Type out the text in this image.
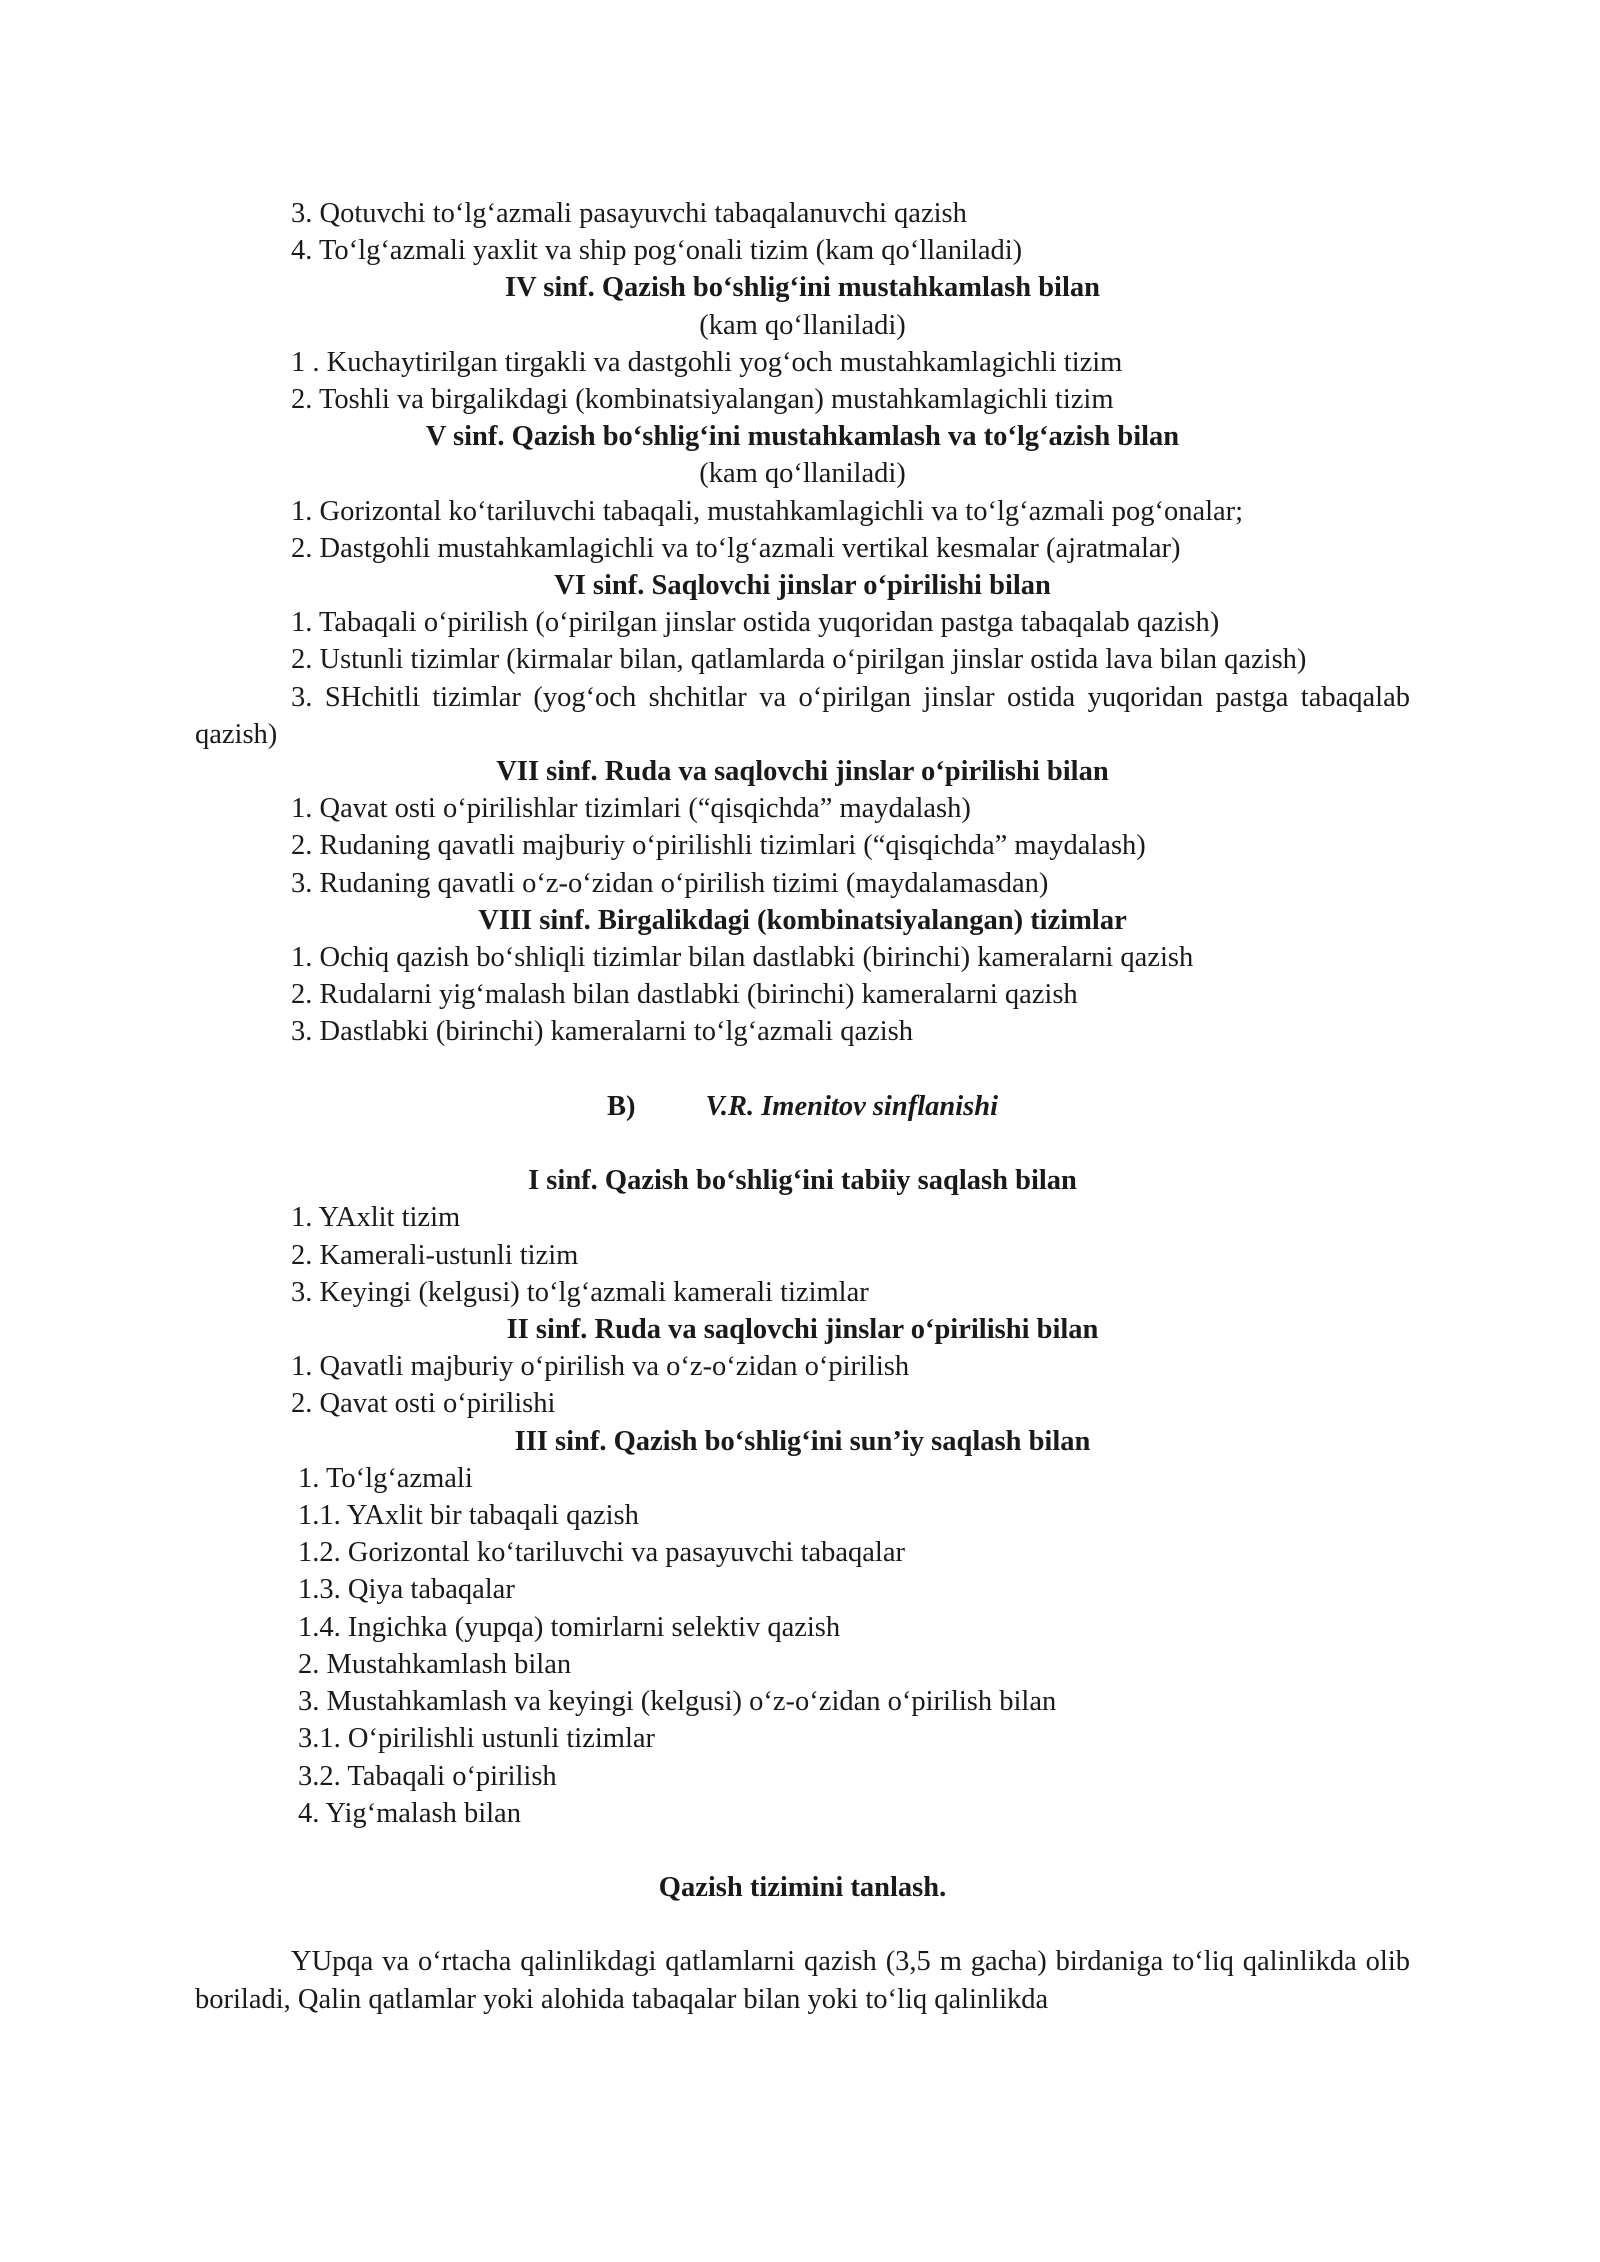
3. Qotuvchi to‘lg‘azmali pasayuvchi tabaqalanuvchi qazish
4. To‘lg‘azmali yaxlit va ship pog‘onali tizim (kam qo‘llaniladi)
IV sinf. Qazish bo‘shlig‘ini mustahkamlash bilan
(kam qo‘llaniladi)
1 . Kuchaytirilgan tirgakli va dastgohli yog‘och mustahkamlagichli tizim
2. Toshli va birgalikdagi (kombinatsiyalangan) mustahkamlagichli tizim
V sinf. Qazish bo‘shlig‘ini mustahkamlash va to‘lg‘azish bilan
(kam qo‘llaniladi)
1. Gorizontal ko‘tariluvchi tabaqali, mustahkamlagichli va to‘lg‘azmali pog‘onalar;
2. Dastgohli mustahkamlagichli va to‘lg‘azmali vertikal kesmalar (ajratmalar)
VI sinf. Saqlovchi jinslar o‘pirilishi bilan
1. Tabaqali o‘pirilish (o‘pirilgan jinslar ostida yuqoridan pastga tabaqalab qazish)
2. Ustunli tizimlar (kirmalar bilan, qatlamlarda o‘pirilgan jinslar ostida lava bilan qazish)
3. SHchitli tizimlar (yog‘och shchitlar va o‘pirilgan jinslar ostida yuqoridan pastga tabaqalab qazish)
VII sinf. Ruda va saqlovchi jinslar o‘pirilishi bilan
1. Qavat osti o‘pirilishlar tizimlari (“qisqichda” maydalash)
2. Rudaning qavatli majburiy o‘pirilishli tizimlari (“qisqichda” maydalash)
3. Rudaning qavatli o‘z-o‘zidan o‘pirilish tizimi (maydalamasdan)
VIII sinf. Birgalikdagi (kombinatsiyalangan) tizimlar
1. Ochiq qazish bo‘shliqli tizimlar bilan dastlabki (birinchi) kameralarni qazish
2. Rudalarni yig‘malash bilan dastlabki (birinchi) kameralarni qazish
3. Dastlabki (birinchi) kameralarni to‘lg‘azmali qazish
B) V.R. Imenitov sinflanishi
I sinf. Qazish bo‘shlig‘ini tabiiy saqlash bilan
1. YAxlit tizim
2. Kamerali-ustunli tizim
3. Keyingi (kelgusi) to‘lg‘azmali kamerali tizimlar
II sinf. Ruda va saqlovchi jinslar o‘pirilishi bilan
1. Qavatli majburiy o‘pirilish va o‘z-o‘zidan o‘pirilish
2. Qavat osti o‘pirilishi
III sinf. Qazish bo‘shlig‘ini sun’iy saqlash bilan
1. To‘lg‘azmali
1.1. YAxlit bir tabaqali qazish
1.2. Gorizontal ko‘tariluvchi va pasayuvchi tabaqalar
1.3. Qiya tabaqalar
1.4. Ingichka (yupqa) tomirlarni selektiv qazish
2. Mustahkamlash bilan
3. Mustahkamlash va keyingi (kelgusi) o‘z-o‘zidan o‘pirilish bilan
3.1. O‘pirilishli ustunli tizimlar
3.2. Tabaqali o‘pirilish
4. Yig‘malash bilan
Qazish tizimini tanlash.
YUpqa va o‘rtacha qalinlikdagi qatlamlarni qazish (3,5 m gacha) birdaniga to‘liq qalinlikda olib boriladi, Qalin qatlamlar yoki alohida tabaqalar bilan yoki to‘liq qalinlikda
